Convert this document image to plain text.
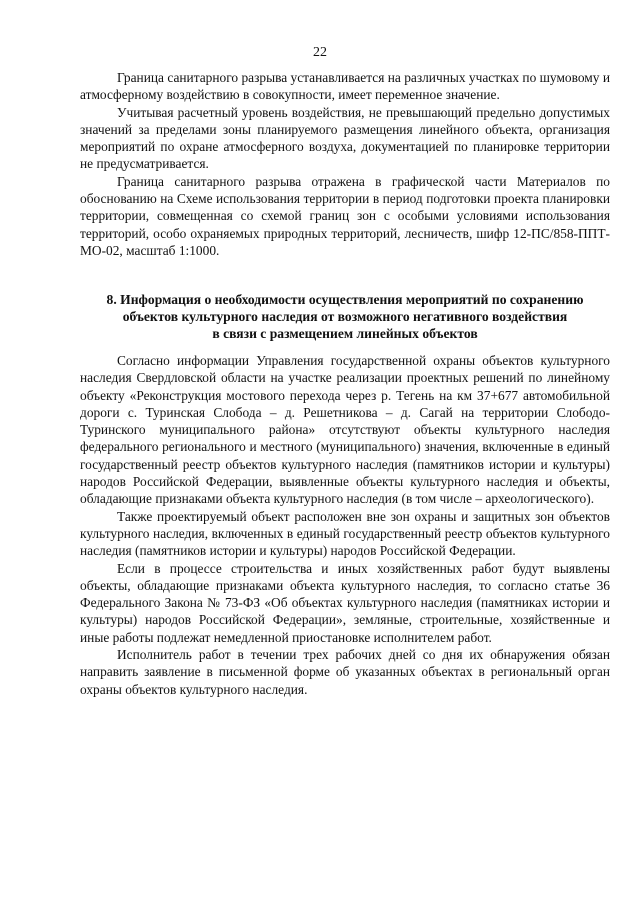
22

Граница санитарного разрыва устанавливается на различных участках по шумовому и атмосферному воздействию в совокупности, имеет переменное значение.

Учитывая расчетный уровень воздействия, не превышающий предельно допустимых значений за пределами зоны планируемого размещения линейного объекта, организация мероприятий по охране атмосферного воздуха, документацией по планировке территории не предусматривается.

Граница санитарного разрыва отражена в графической части Материалов по обоснованию на Схеме использования территории в период подготовки проекта планировки территории, совмещенная со схемой границ зон с особыми условиями использования территорий, особо охраняемых природных территорий, лесничеств, шифр 12-ПС/858-ППТ-МО-02, масштаб 1:1000.

8. Информация о необходимости осуществления мероприятий по сохранению
объектов культурного наследия от возможного негативного воздействия
в связи с размещением линейных объектов

Согласно информации Управления государственной охраны объектов культурного наследия Свердловской области на участке реализации проектных решений по линейному объекту «Реконструкция мостового перехода через р. Тегень на км 37+677 автомобильной дороги с. Туринская Слобода – д. Решетникова – д. Сагай на территории Слободо-Туринского муниципального района» отсутствуют объекты культурного наследия федерального регионального и местного (муниципального) значения, включенные в единый государственный реестр объектов культурного наследия (памятников истории и культуры) народов Российской Федерации, выявленные объекты культурного наследия и объекты, обладающие признаками объекта культурного наследия (в том числе – археологического).

Также проектируемый объект расположен вне зон охраны и защитных зон объектов культурного наследия, включенных в единый государственный реестр объектов культурного наследия (памятников истории и культуры) народов Российской Федерации.

Если в процессе строительства и иных хозяйственных работ будут выявлены объекты, обладающие признаками объекта культурного наследия, то согласно статье 36 Федерального Закона № 73-ФЗ «Об объектах культурного наследия (памятниках истории и культуры) народов Российской Федерации», земляные, строительные, хозяйственные и иные работы подлежат немедленной приостановке исполнителем работ.

Исполнитель работ в течении трех рабочих дней со дня их обнаружения обязан направить заявление в письменной форме об указанных объектах в региональный орган охраны объектов культурного наследия.
